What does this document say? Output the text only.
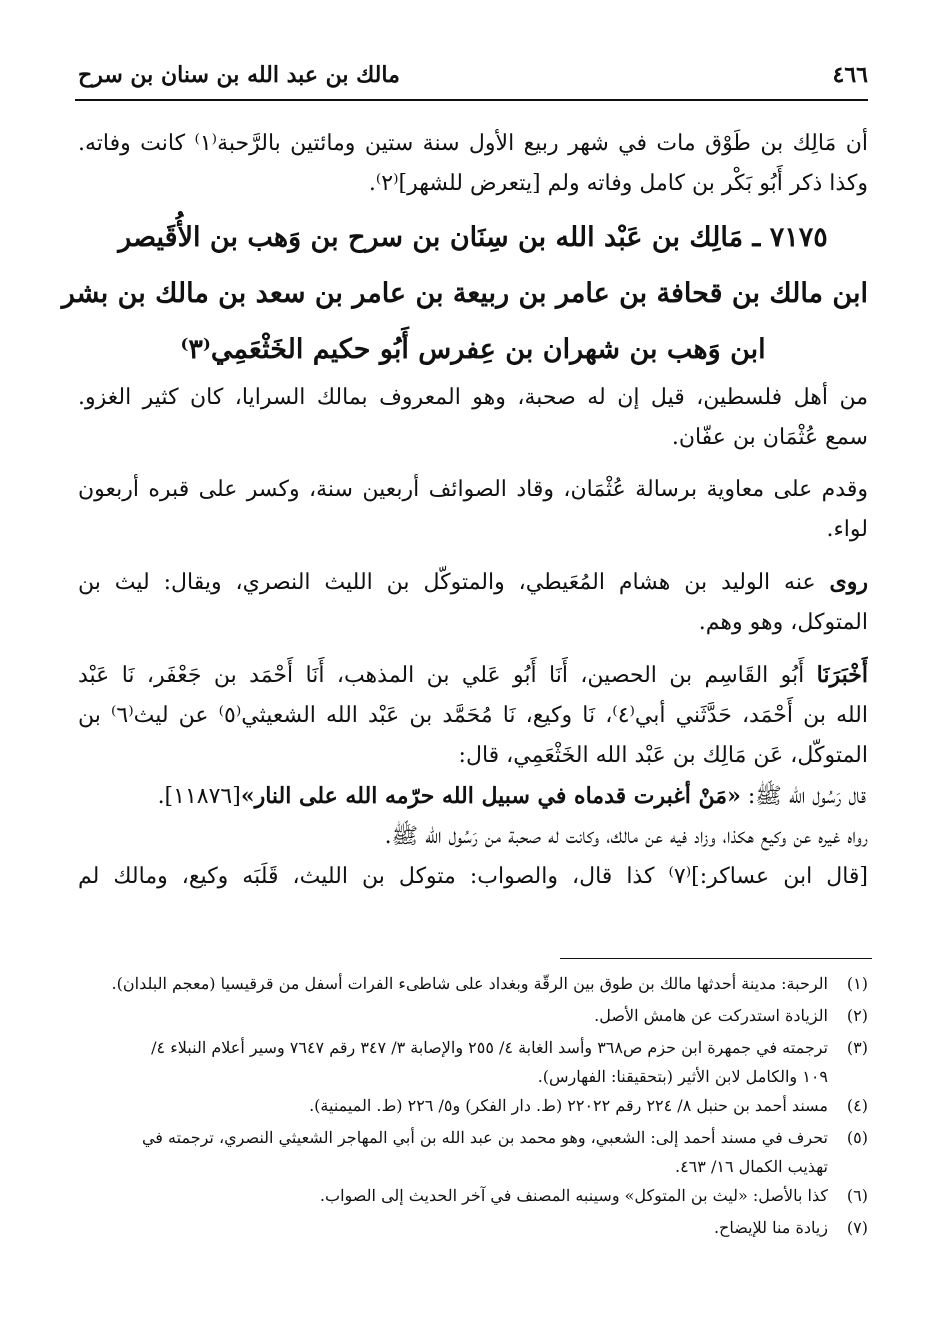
٤٦٦
مالك بن عبد الله بن سنان بن سرح
أن مَالِك بن طَوْق مات في شهر ربيع الأول سنة ستين ومائتين بالرَّحبة⁽١⁾ كانت وفاته.
وكذا ذكر أَبُو بَكْر بن كامل وفاته ولم [يتعرض للشهر]⁽٢⁾.
٧١٧٥ ـ مَالِك بن عَبْد الله بن سِنَان بن سرح بن وَهب بن الأُقَيصر
ابن مالك بن قحافة بن عامر بن ربيعة بن عامر بن سعد بن مالك بن بشر
ابن وَهب بن شهران بن عِفرس أَبُو حكيم الخَثْعَمِي⁽٣⁾
من أهل فلسطين، قيل إن له صحبة، وهو المعروف بمالك السرايا، كان كثير الغزو.
سمع عُثْمَان بن عفّان.
وقدم على معاوية برسالة عُثْمَان، وقاد الصوائف أربعين سنة، وكسر على قبره أربعون
لواء.
روى عنه الوليد بن هشام المُعَيطي، والمتوكّل بن الليث النصري، ويقال: ليث بن
المتوكل، وهو وهم.
أَخْبَرَنَا أَبُو القَاسِم بن الحصين، أَنَا أَبُو عَلي بن المذهب، أَنَا أَحْمَد بن جَعْفَر، نَا عَبْد
الله بن أَحْمَد، حَدَّثَني أبي⁽٤⁾، نَا وكيع، نَا مُحَمَّد بن عَبْد الله الشعيثي⁽٥⁾ عن ليث⁽٦⁾ بن
المتوكّل، عَن مَالِك بن عَبْد الله الخَثْعَمِي، قال:
قال رَسُول الله ﷺ: «مَنْ أغبرت قدماه في سبيل الله حرّمه الله على النار»[١١٨٧٦].
رواه غيره عن وكيع هكذا، وزاد فيه عن مالك، وكانت له صحبة من رَسُول الله ﷺ.
[قال ابن عساكر:]⁽٧⁾ كذا قال، والصواب: متوكل بن الليث، قَلَبَه وكيع، ومالك لم
(١)
الرحبة: مدينة أحدثها مالك بن طوق بين الرقّة وبغداد على شاطىء الفرات أسفل من قرقيسيا (معجم البلدان).
(٢)
الزيادة استدركت عن هامش الأصل.
(٣)
ترجمته في جمهرة ابن حزم ص٣٦٨ وأسد الغابة ٤/ ٢٥٥ والإصابة ٣/ ٣٤٧ رقم ٧٦٤٧ وسير أعلام النبلاء ٤/
١٠٩ والكامل لابن الأثير (بتحقيقنا: الفهارس).
(٤)
مسند أحمد بن حنبل ٨/ ٢٢٤ رقم ٢٢٠٢٢ (ط. دار الفكر) و٥/ ٢٢٦ (ط. الميمنية).
(٥)
تحرف في مسند أحمد إلى: الشعبي، وهو محمد بن عبد الله بن أبي المهاجر الشعيثي النصري، ترجمته في
تهذيب الكمال ١٦/ ٤٦٣.
(٦)
كذا بالأصل: «ليث بن المتوكل» وسينبه المصنف في آخر الحديث إلى الصواب.
(٧)
زيادة منا للإيضاح.
